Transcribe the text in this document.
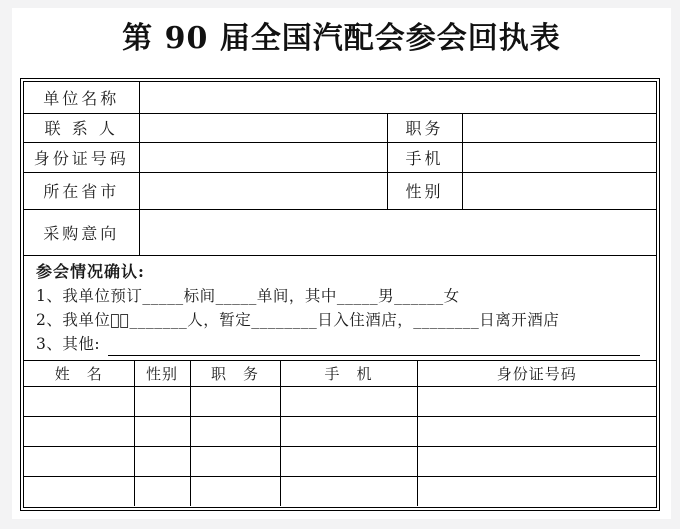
第 90 届全国汽配会参会回执表
单位名称			
联 系 人		职务	
身份证号码		手机	
所在省市		性别	
采购意向			
参会情况确认:
1、我单位预订_____标间_____单间，其中_____男______女
2、我单位共ْ_______人，暂定________日入住酒店，________日离开酒店
3、其他:
姓　名	性别	职　务	手　机	身份证号码
